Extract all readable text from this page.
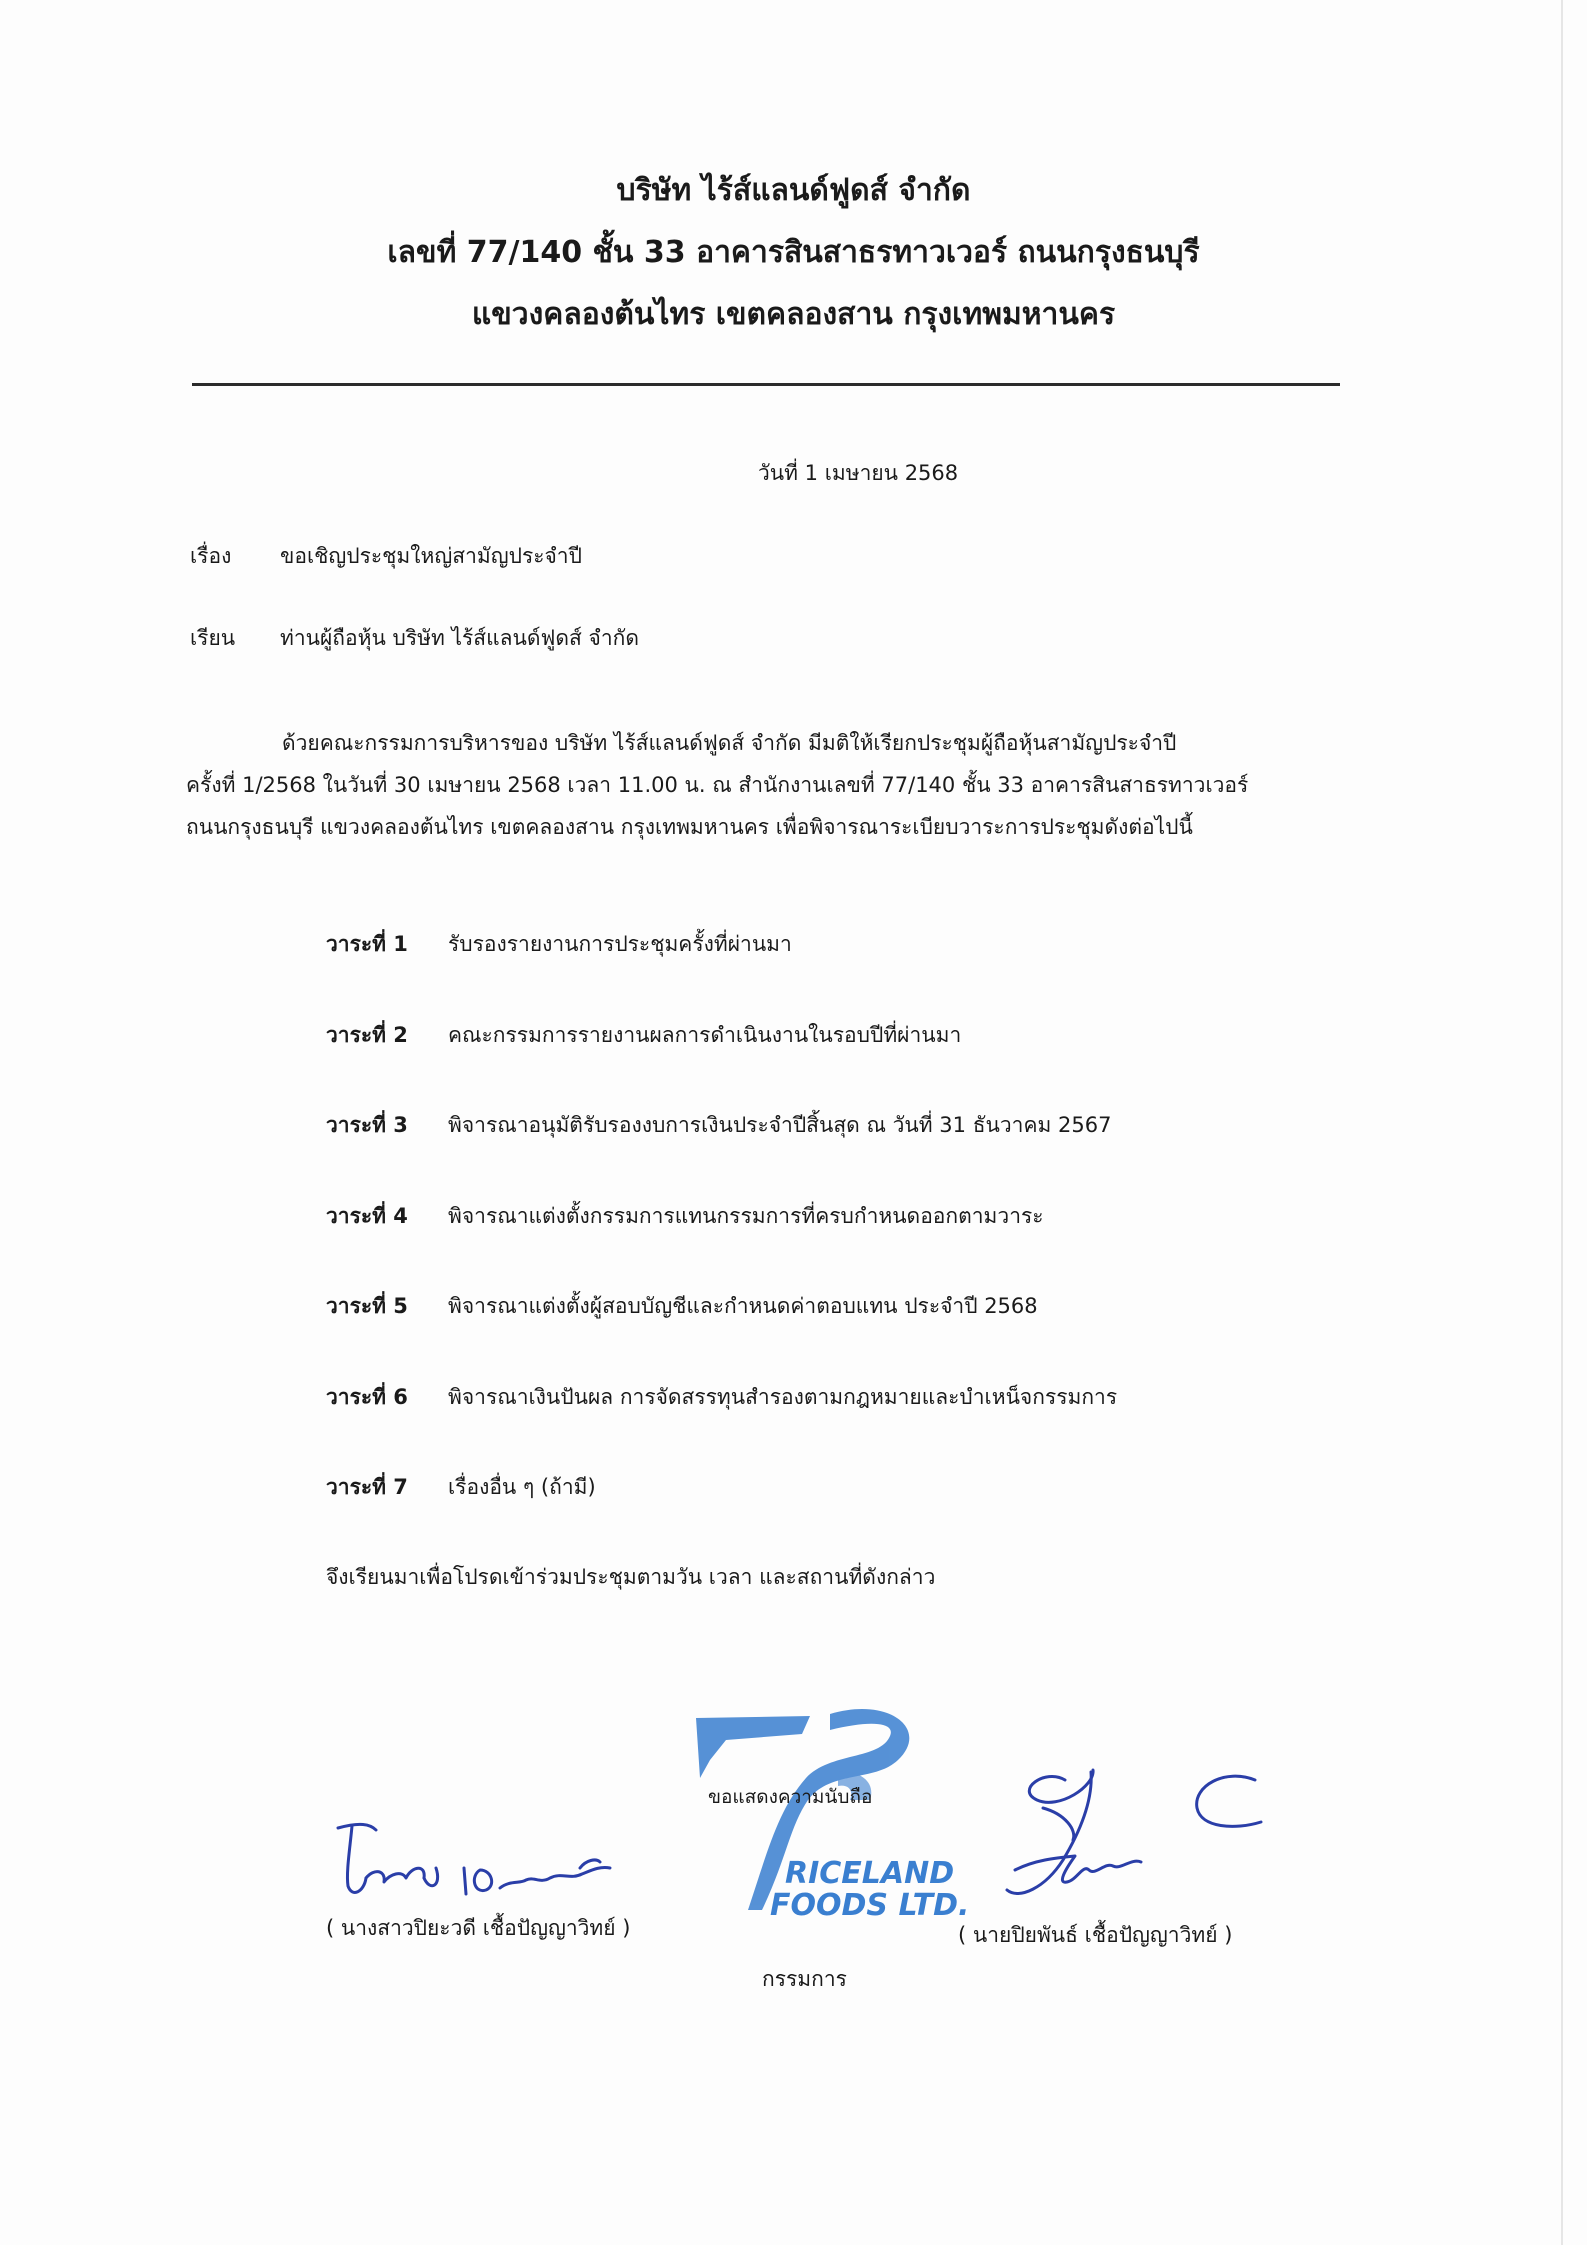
บริษัท ไร้ส์แลนด์ฟูดส์ จำกัด
เลขที่ 77/140 ชั้น 33 อาคารสินสาธรทาวเวอร์ ถนนกรุงธนบุรี
แขวงคลองต้นไทร เขตคลองสาน กรุงเทพมหานคร
วันที่ 1 เมษายน 2568
เรื่อง ขอเชิญประชุมใหญ่สามัญประจำปี
เรียน ท่านผู้ถือหุ้น บริษัท ไร้ส์แลนด์ฟูดส์ จำกัด
ด้วยคณะกรรมการบริหารของ บริษัท ไร้ส์แลนด์ฟูดส์ จำกัด มีมติให้เรียกประชุมผู้ถือหุ้นสามัญประจำปี
ครั้งที่ 1/2568 ในวันที่ 30 เมษายน 2568 เวลา 11.00 น. ณ สำนักงานเลขที่ 77/140 ชั้น 33 อาคารสินสาธรทาวเวอร์
ถนนกรุงธนบุรี แขวงคลองต้นไทร เขตคลองสาน กรุงเทพมหานคร เพื่อพิจารณาระเบียบวาระการประชุมดังต่อไปนี้
วาระที่ 1 รับรองรายงานการประชุมครั้งที่ผ่านมา
วาระที่ 2 คณะกรรมการรายงานผลการดำเนินงานในรอบปีที่ผ่านมา
วาระที่ 3 พิจารณาอนุมัติรับรองงบการเงินประจำปีสิ้นสุด ณ วันที่ 31 ธันวาคม 2567
วาระที่ 4 พิจารณาแต่งตั้งกรรมการแทนกรรมการที่ครบกำหนดออกตามวาระ
วาระที่ 5 พิจารณาแต่งตั้งผู้สอบบัญชีและกำหนดค่าตอบแทน ประจำปี 2568
วาระที่ 6 พิจารณาเงินปันผล การจัดสรรทุนสำรองตามกฎหมายและบำเหน็จกรรมการ
วาระที่ 7 เรื่องอื่น ๆ (ถ้ามี)
จึงเรียนมาเพื่อโปรดเข้าร่วมประชุมตามวัน เวลา และสถานที่ดังกล่าว
RICELAND
FOODS LTD.
ขอแสดงความนับถือ
( นางสาวปิยะวดี เชื้อปัญญาวิทย์ )	( นายปิยพันธ์ เชื้อปัญญาวิทย์ )
กรรมการ
